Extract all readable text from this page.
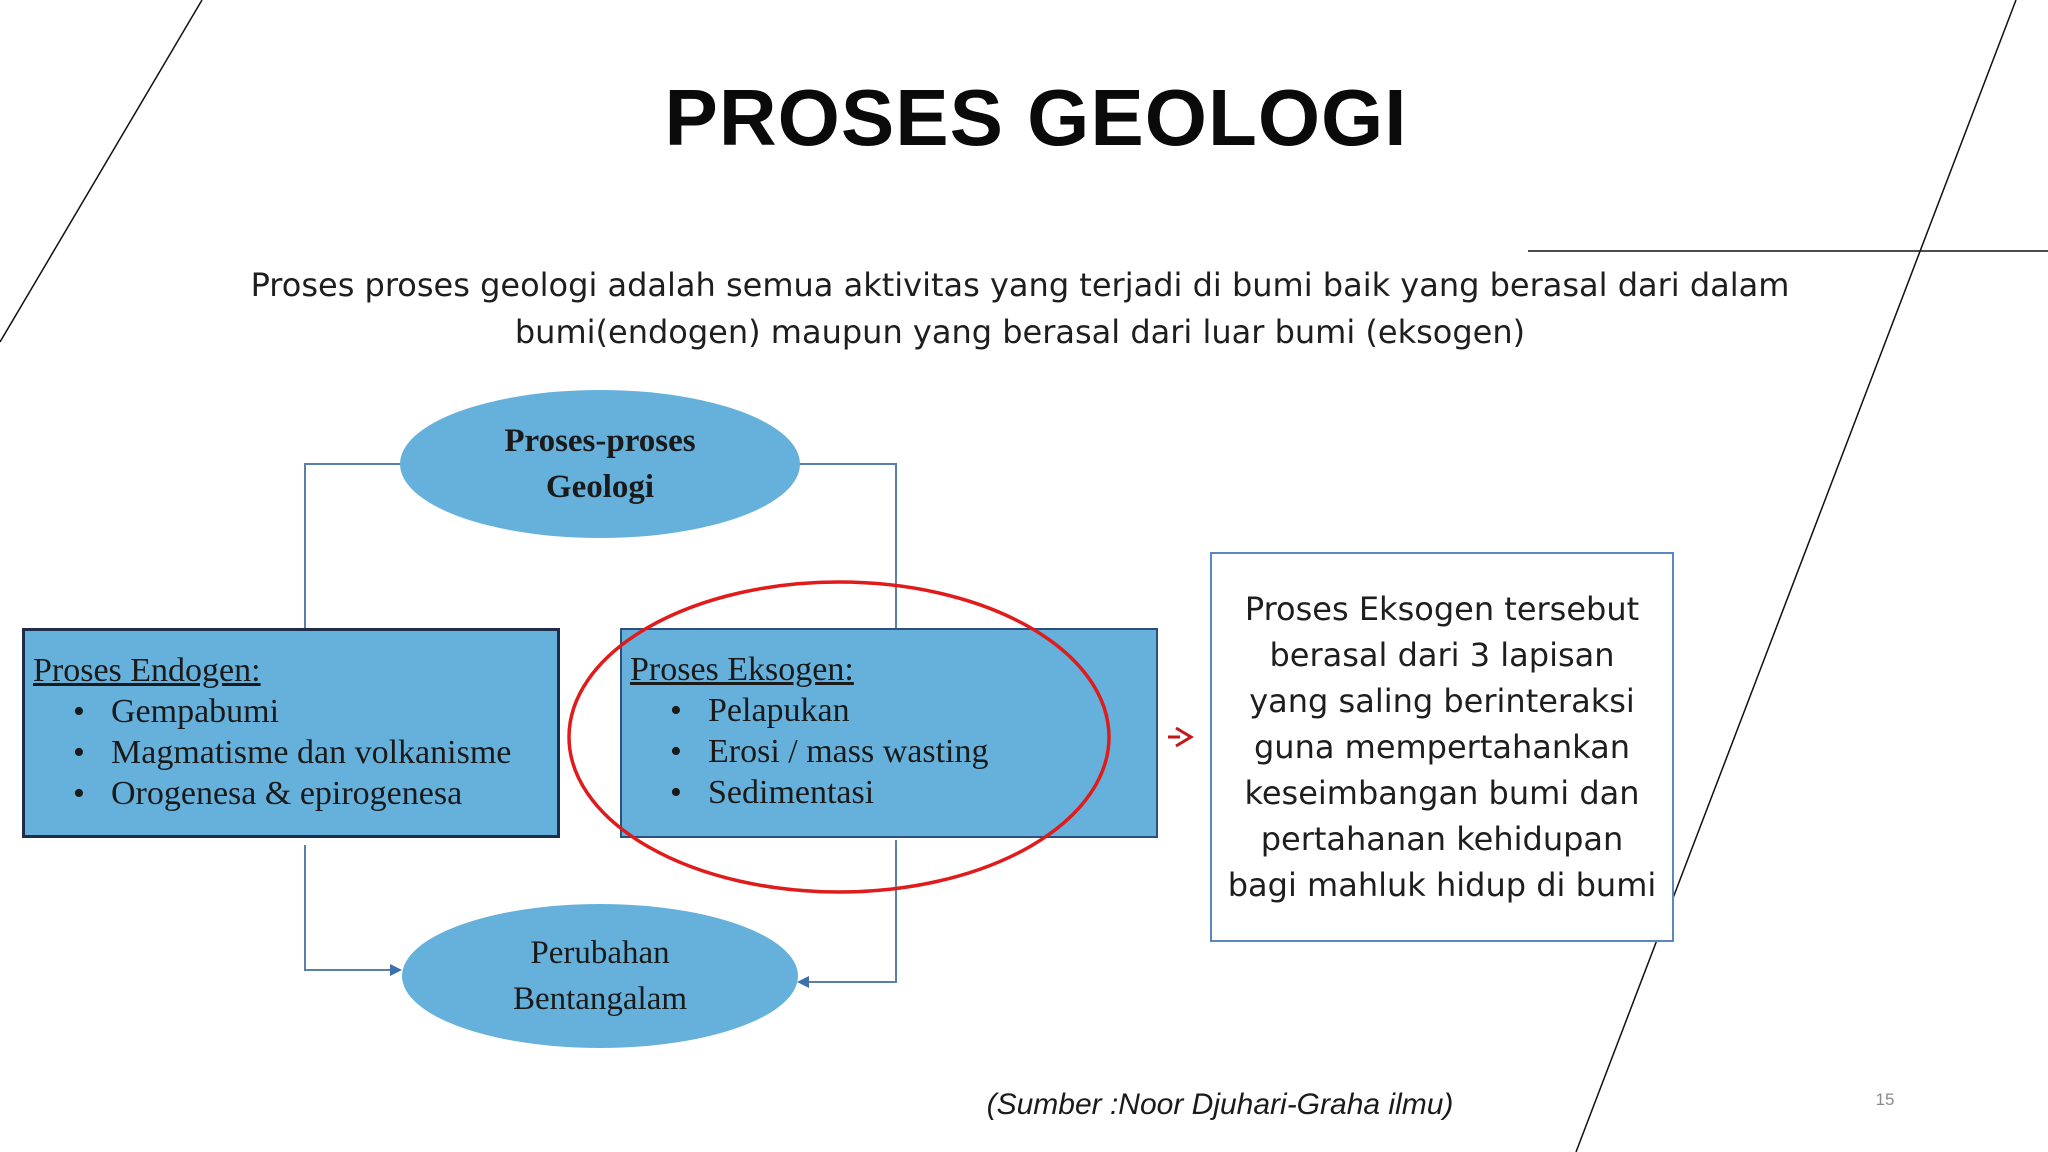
PROSES GEOLOGI
Proses proses geologi adalah semua aktivitas yang terjadi di bumi baik yang berasal dari dalam
bumi(endogen) maupun yang berasal dari luar bumi (eksogen)
Proses-proses
Geologi
Proses Endogen:
• Gempabumi
• Magmatisme dan volkanisme
• Orogenesa & epirogenesa
Proses Eksogen:
• Pelapukan
• Erosi / mass wasting
• Sedimentasi
Perubahan
Bentangalam
Proses Eksogen tersebut berasal dari 3 lapisan yang saling berinteraksi guna mempertahankan keseimbangan bumi dan pertahanan kehidupan bagi mahluk hidup di bumi
(Sumber :Noor Djuhari-Graha ilmu)	15
